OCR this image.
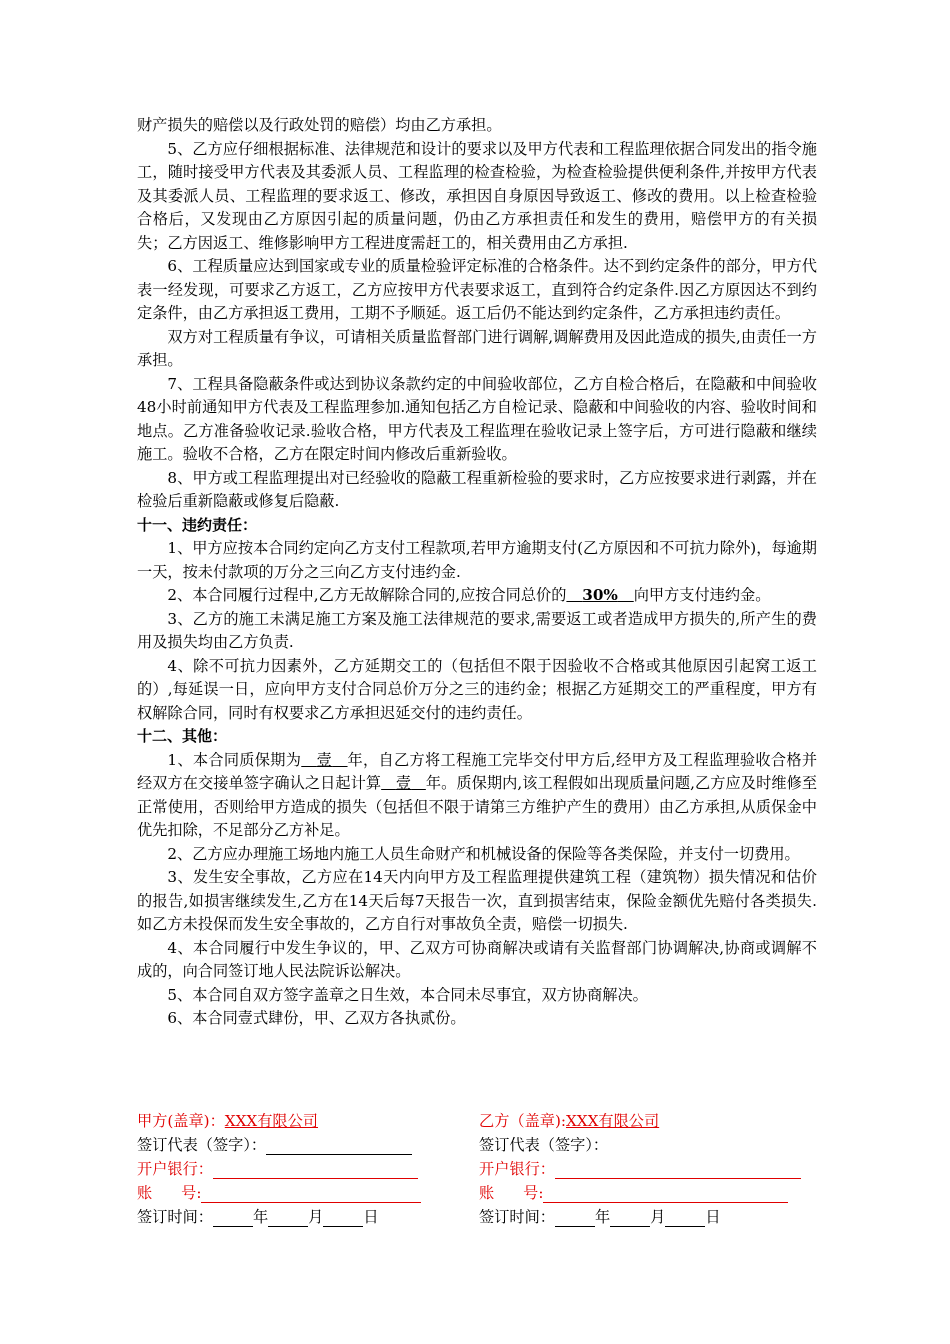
财产损失的赔偿以及行政处罚的赔偿）均由乙方承担。

5、乙方应仔细根据标准、法律规范和设计的要求以及甲方代表和工程监理依据合同发出的指令施工，随时接受甲方代表及其委派人员、工程监理的检查检验，为检查检验提供便利条件,并按甲方代表及其委派人员、工程监理的要求返工、修改，承担因自身原因导致返工、修改的费用。以上检查检验合格后，又发现由乙方原因引起的质量问题，仍由乙方承担责任和发生的费用，赔偿甲方的有关损失；乙方因返工、维修影响甲方工程进度需赶工的，相关费用由乙方承担.

6、工程质量应达到国家或专业的质量检验评定标准的合格条件。达不到约定条件的部分，甲方代表一经发现，可要求乙方返工，乙方应按甲方代表要求返工，直到符合约定条件.因乙方原因达不到约定条件，由乙方承担返工费用，工期不予顺延。返工后仍不能达到约定条件，乙方承担违约责任。

双方对工程质量有争议，可请相关质量监督部门进行调解,调解费用及因此造成的损失,由责任一方承担。

7、工程具备隐蔽条件或达到协议条款约定的中间验收部位，乙方自检合格后，在隐蔽和中间验收48小时前通知甲方代表及工程监理参加.通知包括乙方自检记录、隐蔽和中间验收的内容、验收时间和地点。乙方准备验收记录.验收合格，甲方代表及工程监理在验收记录上签字后，方可进行隐蔽和继续施工。验收不合格，乙方在限定时间内修改后重新验收。

8、甲方或工程监理提出对已经验收的隐蔽工程重新检验的要求时，乙方应按要求进行剥露，并在检验后重新隐蔽或修复后隐蔽.

十一、违约责任：

1、甲方应按本合同约定向乙方支付工程款项,若甲方逾期支付(乙方原因和不可抗力除外)，每逾期一天，按未付款项的万分之三向乙方支付违约金.

2、本合同履行过程中,乙方无故解除合同的,应按合同总价的 30% 向甲方支付违约金。

3、乙方的施工未满足施工方案及施工法律规范的要求,需要返工或者造成甲方损失的,所产生的费用及损失均由乙方负责.

4、除不可抗力因素外，乙方延期交工的（包括但不限于因验收不合格或其他原因引起窝工返工的）,每延误一日，应向甲方支付合同总价万分之三的违约金；根据乙方延期交工的严重程度，甲方有权解除合同，同时有权要求乙方承担迟延交付的违约责任。

十二、其他：

1、本合同质保期为 壹 年，自乙方将工程施工完毕交付甲方后,经甲方及工程监理验收合格并经双方在交接单签字确认之日起计算 壹 年。质保期内,该工程假如出现质量问题,乙方应及时维修至正常使用，否则给甲方造成的损失（包括但不限于请第三方维护产生的费用）由乙方承担,从质保金中优先扣除，不足部分乙方补足。

2、乙方应办理施工场地内施工人员生命财产和机械设备的保险等各类保险，并支付一切费用。

3、发生安全事故，乙方应在14天内向甲方及工程监理提供建筑工程（建筑物）损失情况和估价的报告,如损害继续发生,乙方在14天后每7天报告一次，直到损害结束，保险金额优先赔付各类损失. 如乙方未投保而发生安全事故的，乙方自行对事故负全责，赔偿一切损失.

4、本合同履行中发生争议的，甲、乙双方可协商解决或请有关监督部门协调解决,协商或调解不成的，向合同签订地人民法院诉讼解决。

5、本合同自双方签字盖章之日生效，本合同未尽事宜，双方协商解决。

6、本合同壹式肆份，甲、乙双方各执贰份。

甲方(盖章)：XXX有限公司	乙方（盖章):XXX有限公司
签订代表（签字）：	签订代表（签字）：
开户银行：	开户银行：
账      号:	账      号:
签订时间：	年	月	日	签订时间：	年	月	日
